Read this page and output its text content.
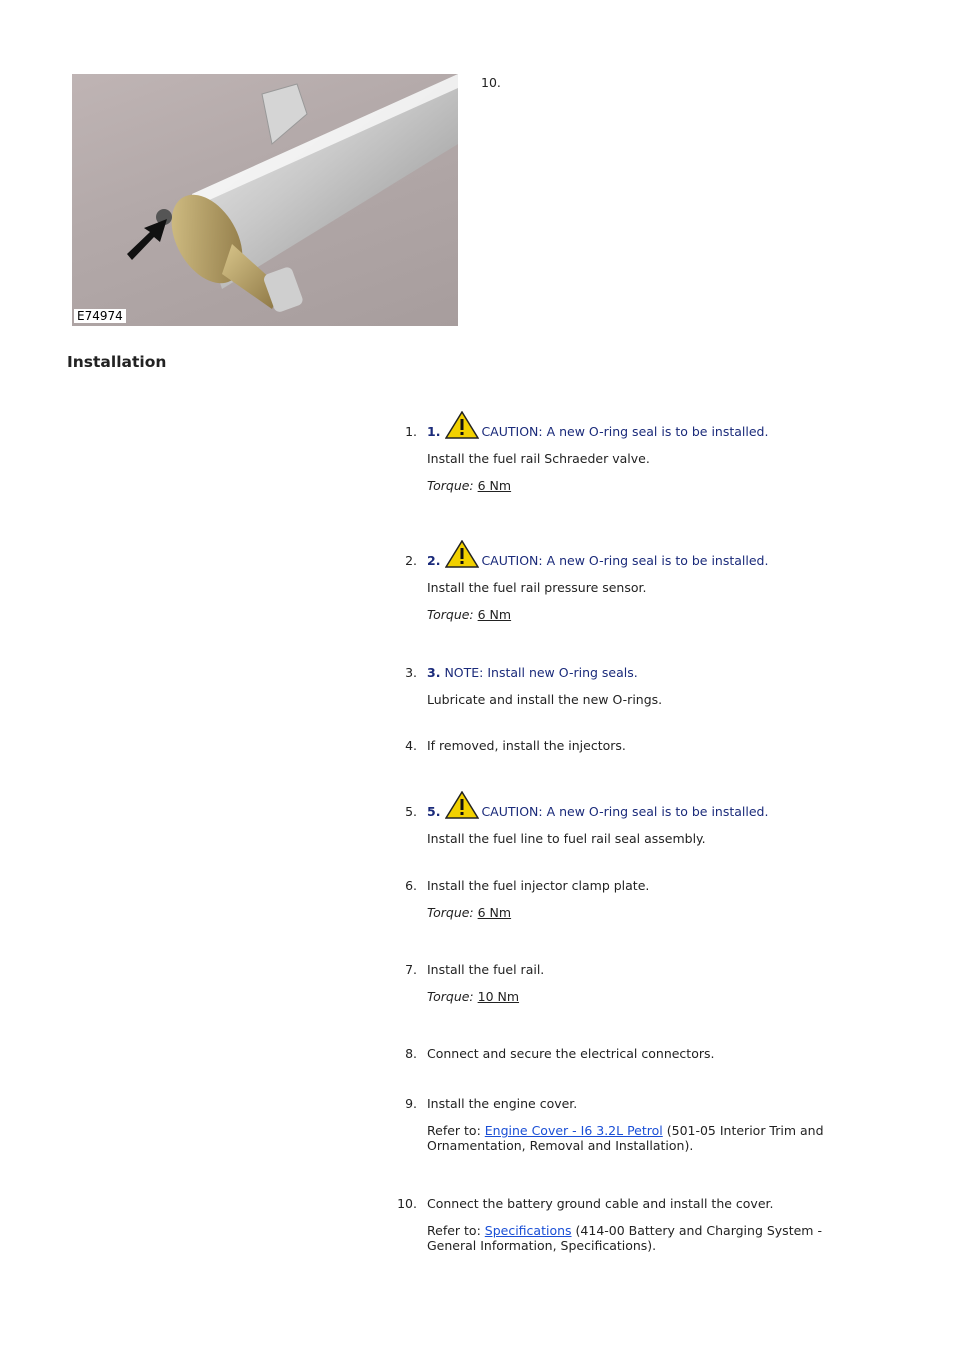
E74974
10.
Installation
1. 1.	CAUTION: A new O-ring seal is to be installed.
Install the fuel rail Schraeder valve.
Torque: 6 Nm
2. 2.	CAUTION: A new O-ring seal is to be installed.
Install the fuel rail pressure sensor.
Torque: 6 Nm
3. 3. NOTE: Install new O-ring seals.
Lubricate and install the new O-rings.
4. If removed, install the injectors.
5. 5.	CAUTION: A new O-ring seal is to be installed.
Install the fuel line to fuel rail seal assembly.
6. Install the fuel injector clamp plate.
Torque: 6 Nm
7. Install the fuel rail.
Torque: 10 Nm
8. Connect and secure the electrical connectors.
9. Install the engine cover.
Refer to: Engine Cover - I6 3.2L Petrol (501-05 Interior Trim and Ornamentation, Removal and Installation).
10. Connect the battery ground cable and install the cover.
Refer to: Specifications (414-00 Battery and Charging System - General Information, Specifications).
